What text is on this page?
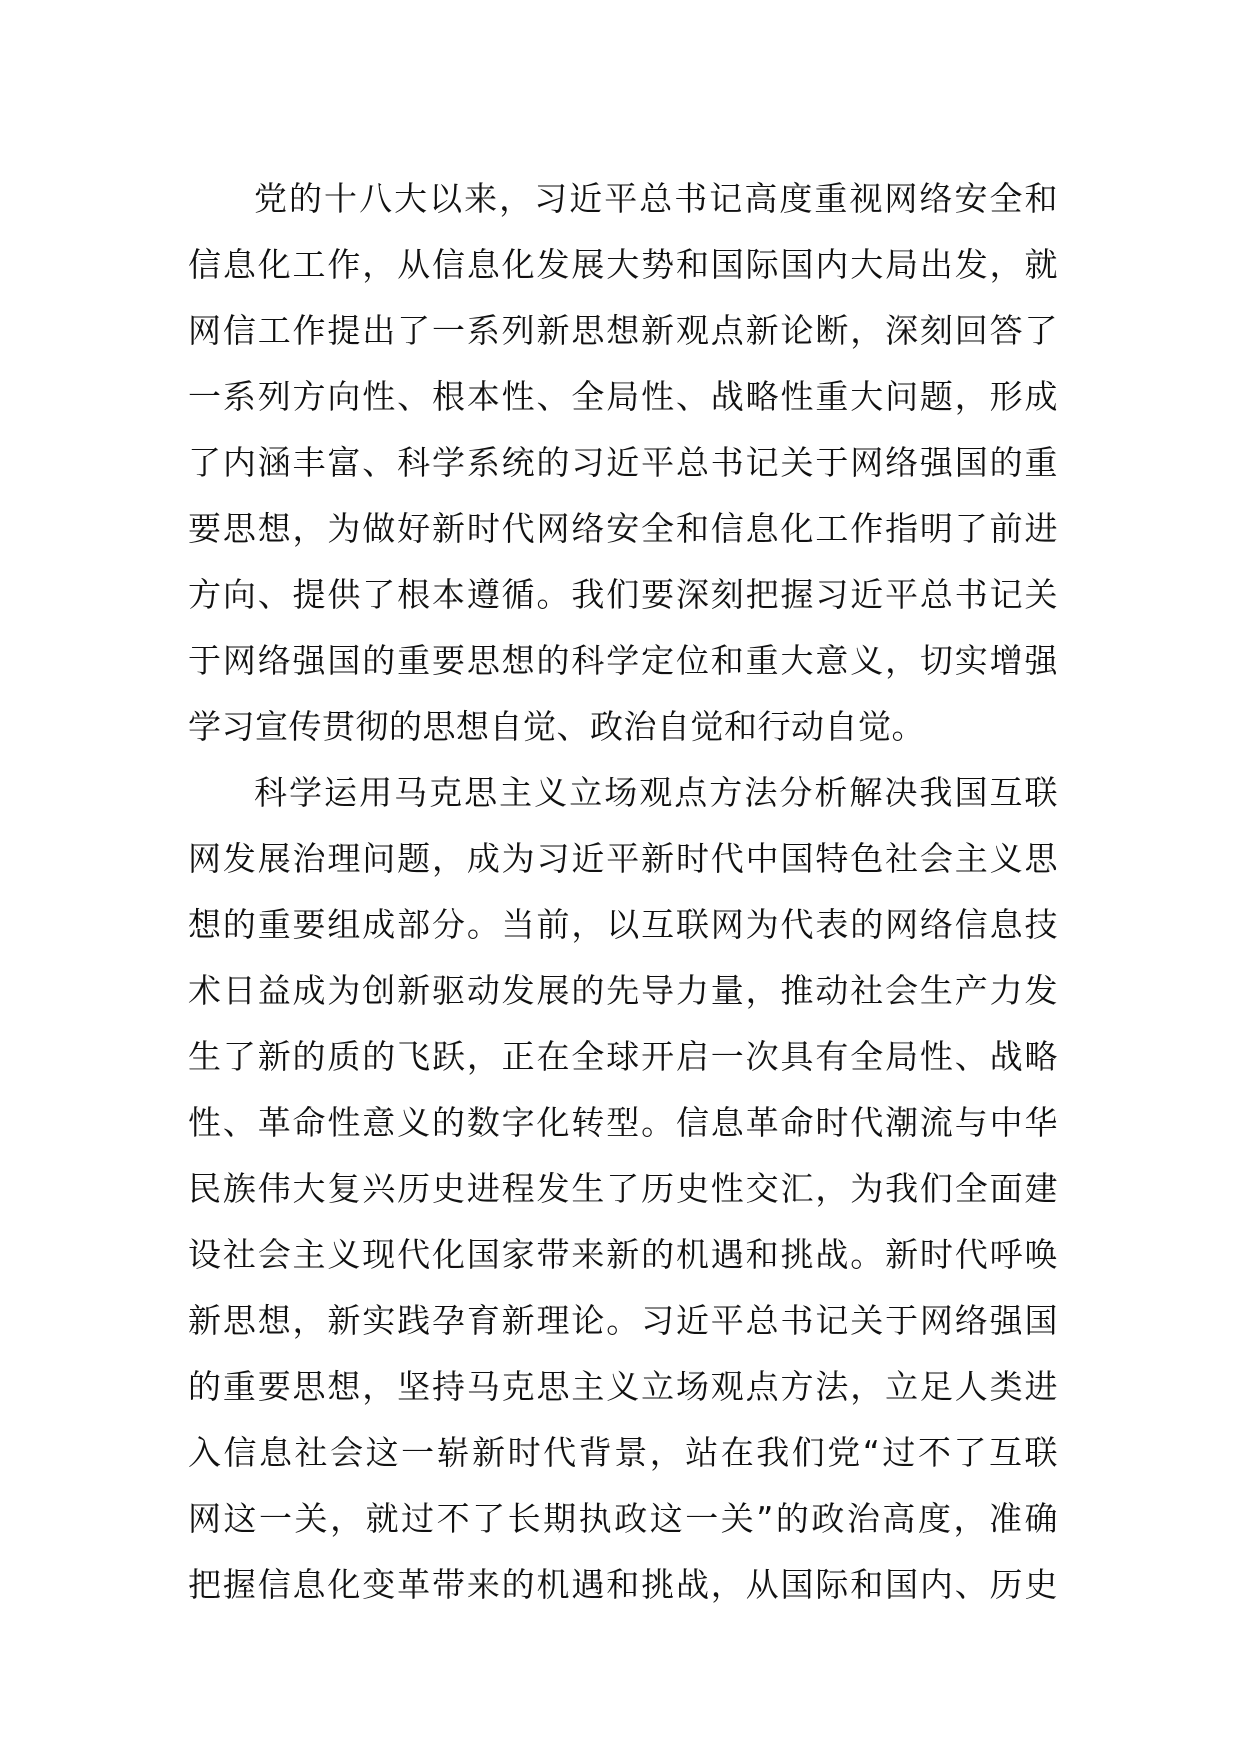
党的十八大以来，习近平总书记高度重视网络安全和
信息化工作，从信息化发展大势和国际国内大局出发，就
网信工作提出了一系列新思想新观点新论断，深刻回答了
一系列方向性、根本性、全局性、战略性重大问题，形成
了内涵丰富、科学系统的习近平总书记关于网络强国的重
要思想，为做好新时代网络安全和信息化工作指明了前进
方向、提供了根本遵循。我们要深刻把握习近平总书记关
于网络强国的重要思想的科学定位和重大意义，切实增强
学习宣传贯彻的思想自觉、政治自觉和行动自觉。
科学运用马克思主义立场观点方法分析解决我国互联
网发展治理问题，成为习近平新时代中国特色社会主义思
想的重要组成部分。当前，以互联网为代表的网络信息技
术日益成为创新驱动发展的先导力量，推动社会生产力发
生了新的质的飞跃，正在全球开启一次具有全局性、战略
性、革命性意义的数字化转型。信息革命时代潮流与中华
民族伟大复兴历史进程发生了历史性交汇，为我们全面建
设社会主义现代化国家带来新的机遇和挑战。新时代呼唤
新思想，新实践孕育新理论。习近平总书记关于网络强国
的重要思想，坚持马克思主义立场观点方法，立足人类进
入信息社会这一崭新时代背景，站在我们党“过不了互联
网这一关，就过不了长期执政这一关”的政治高度，准确
把握信息化变革带来的机遇和挑战，从国际和国内、历史
